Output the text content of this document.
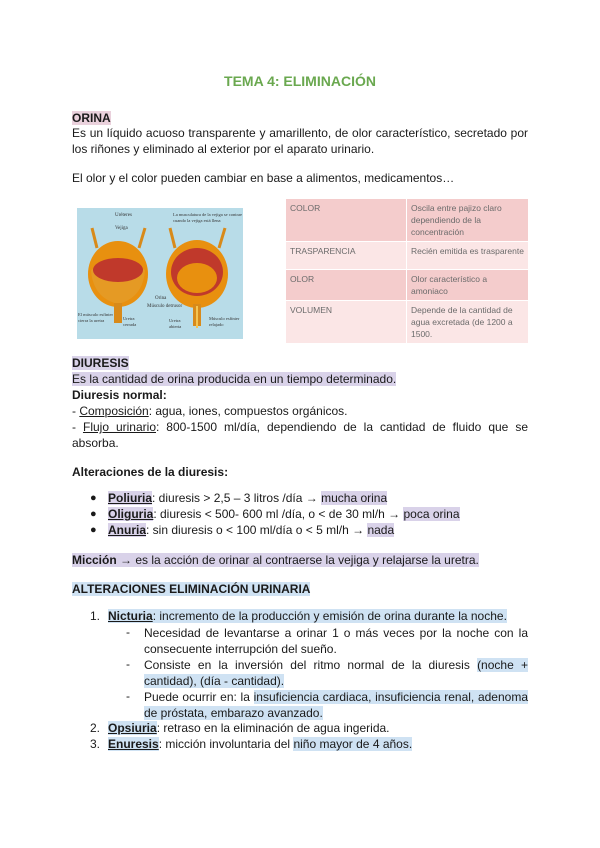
TEMA 4: ELIMINACIÓN
ORINA
Es un líquido acuoso transparente y amarillento, de olor característico, secretado por los riñones y eliminado al exterior por el aparato urinario.
El olor y el color pueden cambiar en base a alimentos, medicamentos…
Uréteres
Vejiga
La musculatura de la vejiga se contrae cuando la vejiga está llena
Orina
Músculo detrusor
El músculo esfínter cierra la uretra	Uretra cerrada
Uretra abierta
Músculo esfínter relajado
COLOR	Oscila entre pajizo claro dependiendo de la concentración
TRASPARENCIA	Recién emitida es trasparente
OLOR	Olor característico a amoniaco
VOLUMEN	Depende de la cantidad de agua excretada (de 1200 a 1500.
DIURESIS
Es la cantidad de orina producida en un tiempo determinado.
Diuresis normal:
- Composición: agua, iones, compuestos orgánicos.
- Flujo urinario: 800-1500 ml/día, dependiendo de la cantidad de fluido que se absorba.
Alteraciones de la diuresis:
● Poliuria: diuresis > 2,5 – 3 litros /día → mucha orina
● Oliguria: diuresis < 500- 600 ml /día, o < de 30 ml/h → poca orina
● Anuria: sin diuresis o < 100 ml/día o < 5 ml/h → nada
Micción → es la acción de orinar al contraerse la vejiga y relajarse la uretra.
ALTERACIONES ELIMINACIÓN URINARIA
1. Nicturia: incremento de la producción y emisión de orina durante la noche.
- Necesidad de levantarse a orinar 1 o más veces por la noche con la consecuente interrupción del sueño.
- Consiste en la inversión del ritmo normal de la diuresis (noche + cantidad), (día - cantidad).
- Puede ocurrir en: la insuficiencia cardiaca, insuficiencia renal, adenoma de próstata, embarazo avanzado.
2. Opsiuria: retraso en la eliminación de agua ingerida.
3. Enuresis: micción involuntaria del niño mayor de 4 años.
